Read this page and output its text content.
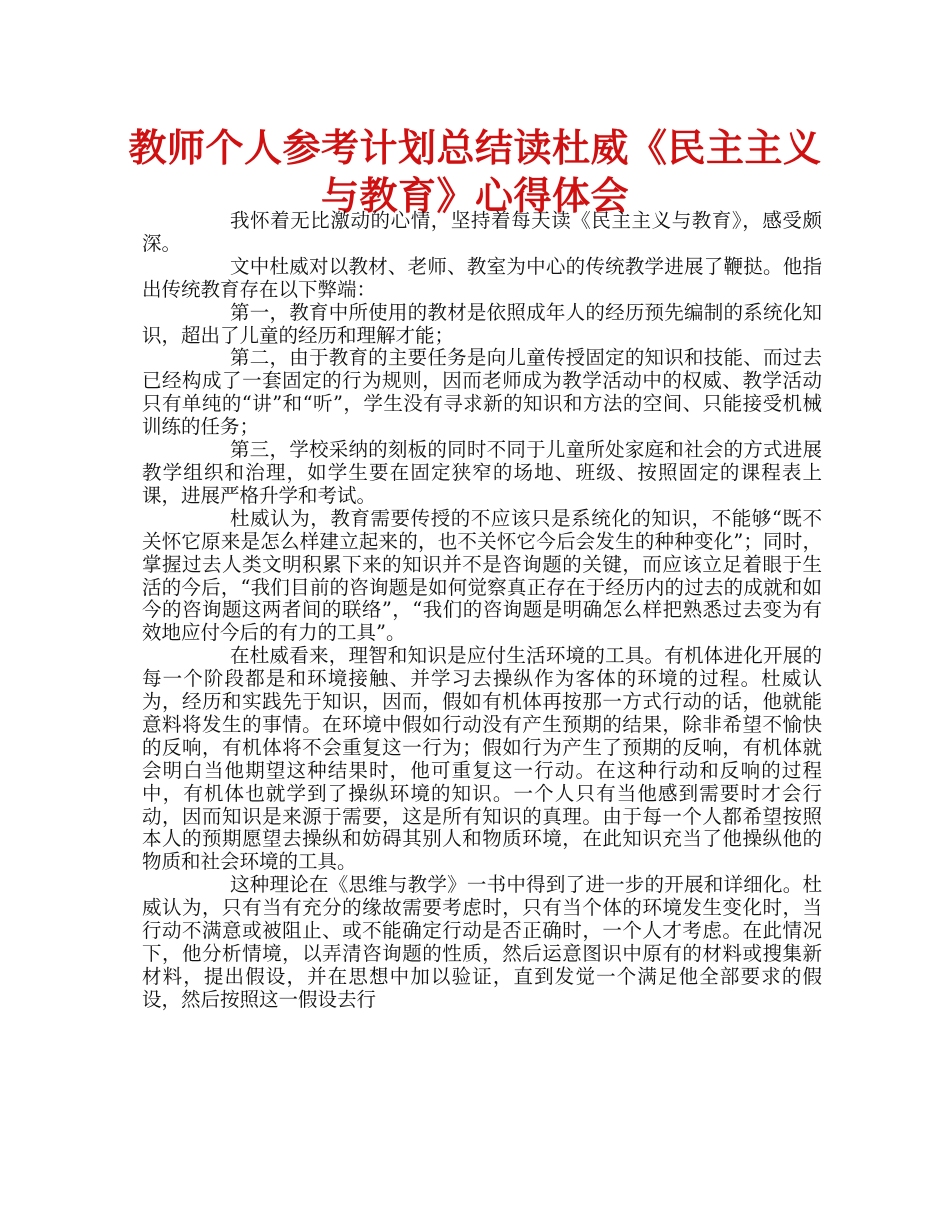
教师个人参考计划总结读杜威《民主主义与教育》心得体会

我怀着无比激动的心情，坚持着每天读《民主主义与教育》，感受颇深。

文中杜威对以教材、老师、教室为中心的传统教学进展了鞭挞。他指出传统教育存在以下弊端：

第一，教育中所使用的教材是依照成年人的经历预先编制的系统化知识，超出了儿童的经历和理解才能；

第二，由于教育的主要任务是向儿童传授固定的知识和技能、而过去已经构成了一套固定的行为规则，因而老师成为教学活动中的权威、教学活动只有单纯的“讲”和“听”，学生没有寻求新的知识和方法的空间、只能接受机械训练的任务；

第三，学校采纳的刻板的同时不同于儿童所处家庭和社会的方式进展教学组织和治理，如学生要在固定狭窄的场地、班级、按照固定的课程表上课，进展严格升学和考试。

杜威认为，教育需要传授的不应该只是系统化的知识，不能够“既不关怀它原来是怎么样建立起来的，也不关怀它今后会发生的种种变化”；同时，掌握过去人类文明积累下来的知识并不是咨询题的关键，而应该立足着眼于生活的今后，“我们目前的咨询题是如何觉察真正存在于经历内的过去的成就和如今的咨询题这两者间的联络”，“我们的咨询题是明确怎么样把熟悉过去变为有效地应付今后的有力的工具”。

在杜威看来，理智和知识是应付生活环境的工具。有机体进化开展的每一个阶段都是和环境接触、并学习去操纵作为客体的环境的过程。杜威认为，经历和实践先于知识，因而，假如有机体再按那一方式行动的话，他就能意料将发生的事情。在环境中假如行动没有产生预期的结果，除非希望不愉快的反响，有机体将不会重复这一行为；假如行为产生了预期的反响，有机体就会明白当他期望这种结果时，他可重复这一行动。在这种行动和反响的过程中，有机体也就学到了操纵环境的知识。一个人只有当他感到需要时才会行动，因而知识是来源于需要，这是所有知识的真理。由于每一个人都希望按照本人的预期愿望去操纵和妨碍其别人和物质环境，在此知识充当了他操纵他的物质和社会环境的工具。

这种理论在《思维与教学》一书中得到了进一步的开展和详细化。杜威认为，只有当有充分的缘故需要考虑时，只有当个体的环境发生变化时，当行动不满意或被阻止、或不能确定行动是否正确时，一个人才考虑。在此情况下，他分析情境，以弄清咨询题的性质，然后运意图识中原有的材料或搜集新材料，提出假设，并在思想中加以验证，直到发觉一个满足他全部要求的假设，然后按照这一假设去行
